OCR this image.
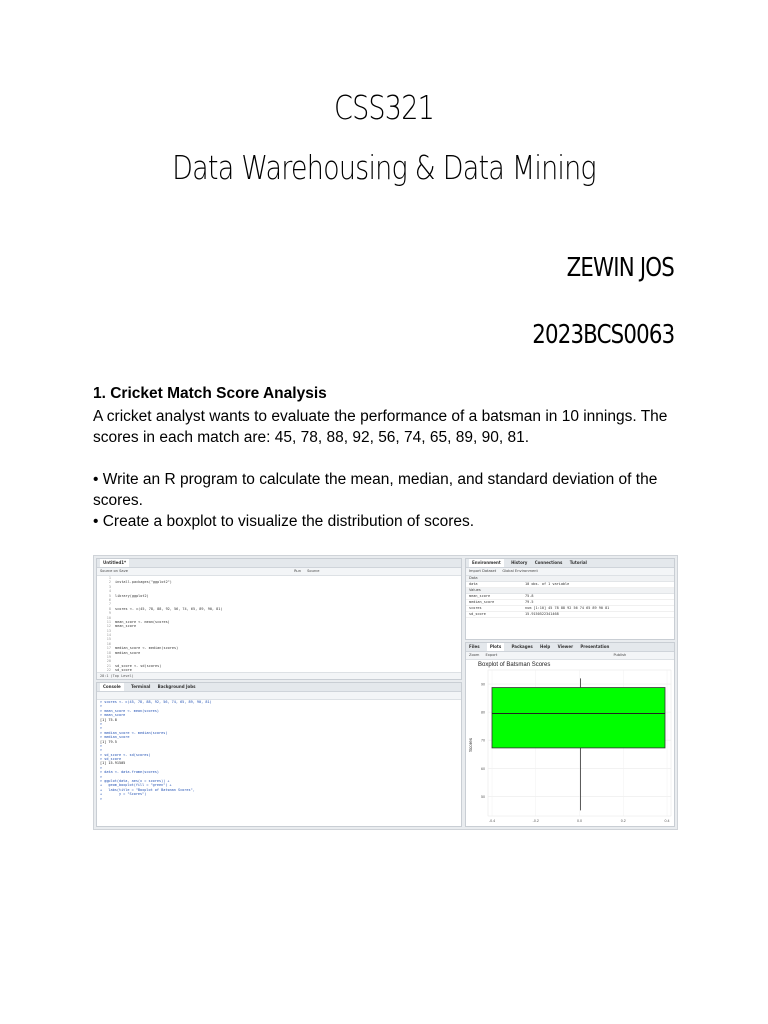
CSS321
Data Warehousing & Data Mining
ZEWIN JOS
2023BCS0063
1. Cricket Match Score Analysis
A cricket analyst wants to evaluate the performance of a batsman in 10 innings. The scores in each match are: 45, 78, 88, 92, 56, 74, 65, 89, 90, 81.
• Write an R program to calculate the mean, median, and standard deviation of the scores.
• Create a boxplot to visualize the distribution of scores.
Untitled1*
Source on Save	Run Source
1
2 install.packages("ggplot2")
3
4
5 library(ggplot2)
6
7
8 scores <- c(45, 78, 88, 92, 56, 74, 65, 89, 90, 81)
9
10
11 mean_score <- mean(scores)
12 mean_score
13
14
15
16
17 median_score <- median(scores)
18 median_score
19
20
21 sd_score <- sd(scores)
22 sd_score
28:1 (Top Level)
Console	Terminal Background Jobs
> scores <- c(45, 78, 88, 92, 56, 74, 65, 89, 90, 81)
>
> mean_score <- mean(scores)
> mean_score
[1] 75.8
>
>
> median_score <- median(scores)
> median_score
[1] 79.5
>
>
> sd_score <- sd(scores)
> sd_score
[1] 15.91505
>
> data <- data.frame(scores)
>
> ggplot(data, aes(x = scores)) +
+   geom_boxplot(fill = "green") +
+   labs(title = "Boxplot of Batsman Scores",
+        y = "Scores")
>
Environment	History Connections Tutorial
Import Dataset Global Environment
Data
data	10 obs. of 1 variable
Values
mean_score	75.8
median_score	79.5
scores	num [1:10] 45 78 88 92 56 74 65 89 90 81
sd_score	15.9150522341468
Files	Plots	Packages Help Viewer Presentation
Zoom Export	Publish
Boxplot of Batsman Scores
Scores
50
60
70
80
90
-0.4	-0.2	0.0	0.2	0.4
